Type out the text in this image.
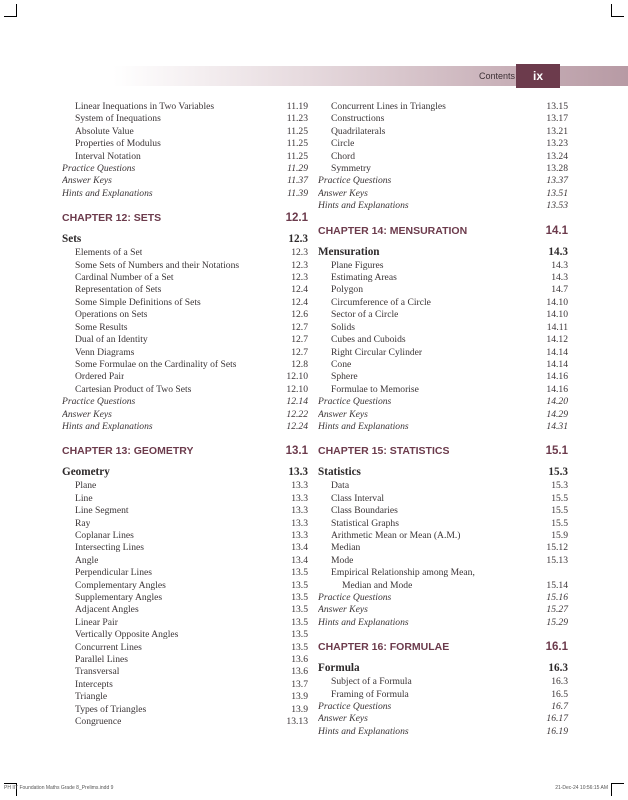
Contents	ix
Linear Inequations in Two Variables	11.19
System of Inequations	11.23
Absolute Value	11.25
Properties of Modulus	11.25
Interval Notation	11.25
Practice Questions	11.29
Answer Keys	11.37
Hints and Explanations	11.39
CHAPTER 12: SETS	12.1
Sets	12.3
Elements of a Set	12.3
Some Sets of Numbers and their Notations	12.3
Cardinal Number of a Set	12.3
Representation of Sets	12.4
Some Simple Definitions of Sets	12.4
Operations on Sets	12.6
Some Results	12.7
Dual of an Identity	12.7
Venn Diagrams	12.7
Some Formulae on the Cardinality of Sets	12.8
Ordered Pair	12.10
Cartesian Product of Two Sets	12.10
Practice Questions	12.14
Answer Keys	12.22
Hints and Explanations	12.24
CHAPTER 13: GEOMETRY	13.1
Geometry	13.3
Plane	13.3
Line	13.3
Line Segment	13.3
Ray	13.3
Coplanar Lines	13.3
Intersecting Lines	13.4
Angle	13.4
Perpendicular Lines	13.5
Complementary Angles	13.5
Supplementary Angles	13.5
Adjacent Angles	13.5
Linear Pair	13.5
Vertically Opposite Angles	13.5
Concurrent Lines	13.5
Parallel Lines	13.6
Transversal	13.6
Intercepts	13.7
Triangle	13.9
Types of Triangles	13.9
Congruence	13.13
Concurrent Lines in Triangles	13.15
Constructions	13.17
Quadrilaterals	13.21
Circle	13.23
Chord	13.24
Symmetry	13.28
Practice Questions	13.37
Answer Keys	13.51
Hints and Explanations	13.53
CHAPTER 14: MENSURATION	14.1
Mensuration	14.3
Plane Figures	14.3
Estimating Areas	14.3
Polygon	14.7
Circumference of a Circle	14.10
Sector of a Circle	14.10
Solids	14.11
Cubes and Cuboids	14.12
Right Circular Cylinder	14.14
Cone	14.14
Sphere	14.16
Formulae to Memorise	14.16
Practice Questions	14.20
Answer Keys	14.29
Hints and Explanations	14.31
CHAPTER 15: STATISTICS	15.1
Statistics	15.3
Data	15.3
Class Interval	15.5
Class Boundaries	15.5
Statistical Graphs	15.5
Arithmetic Mean or Mean (A.M.)	15.9
Median	15.12
Mode	15.13
Empirical Relationship among Mean,
Median and Mode	15.14
Practice Questions	15.16
Answer Keys	15.27
Hints and Explanations	15.29
CHAPTER 16: FORMULAE	16.1
Formula	16.3
Subject of a Formula	16.3
Framing of Formula	16.5
Practice Questions	16.7
Answer Keys	16.17
Hints and Explanations	16.19
PH IIT Foundation Maths Grade 8_Prelims.indd 9	21-Dec-24 10:56:15 AM
